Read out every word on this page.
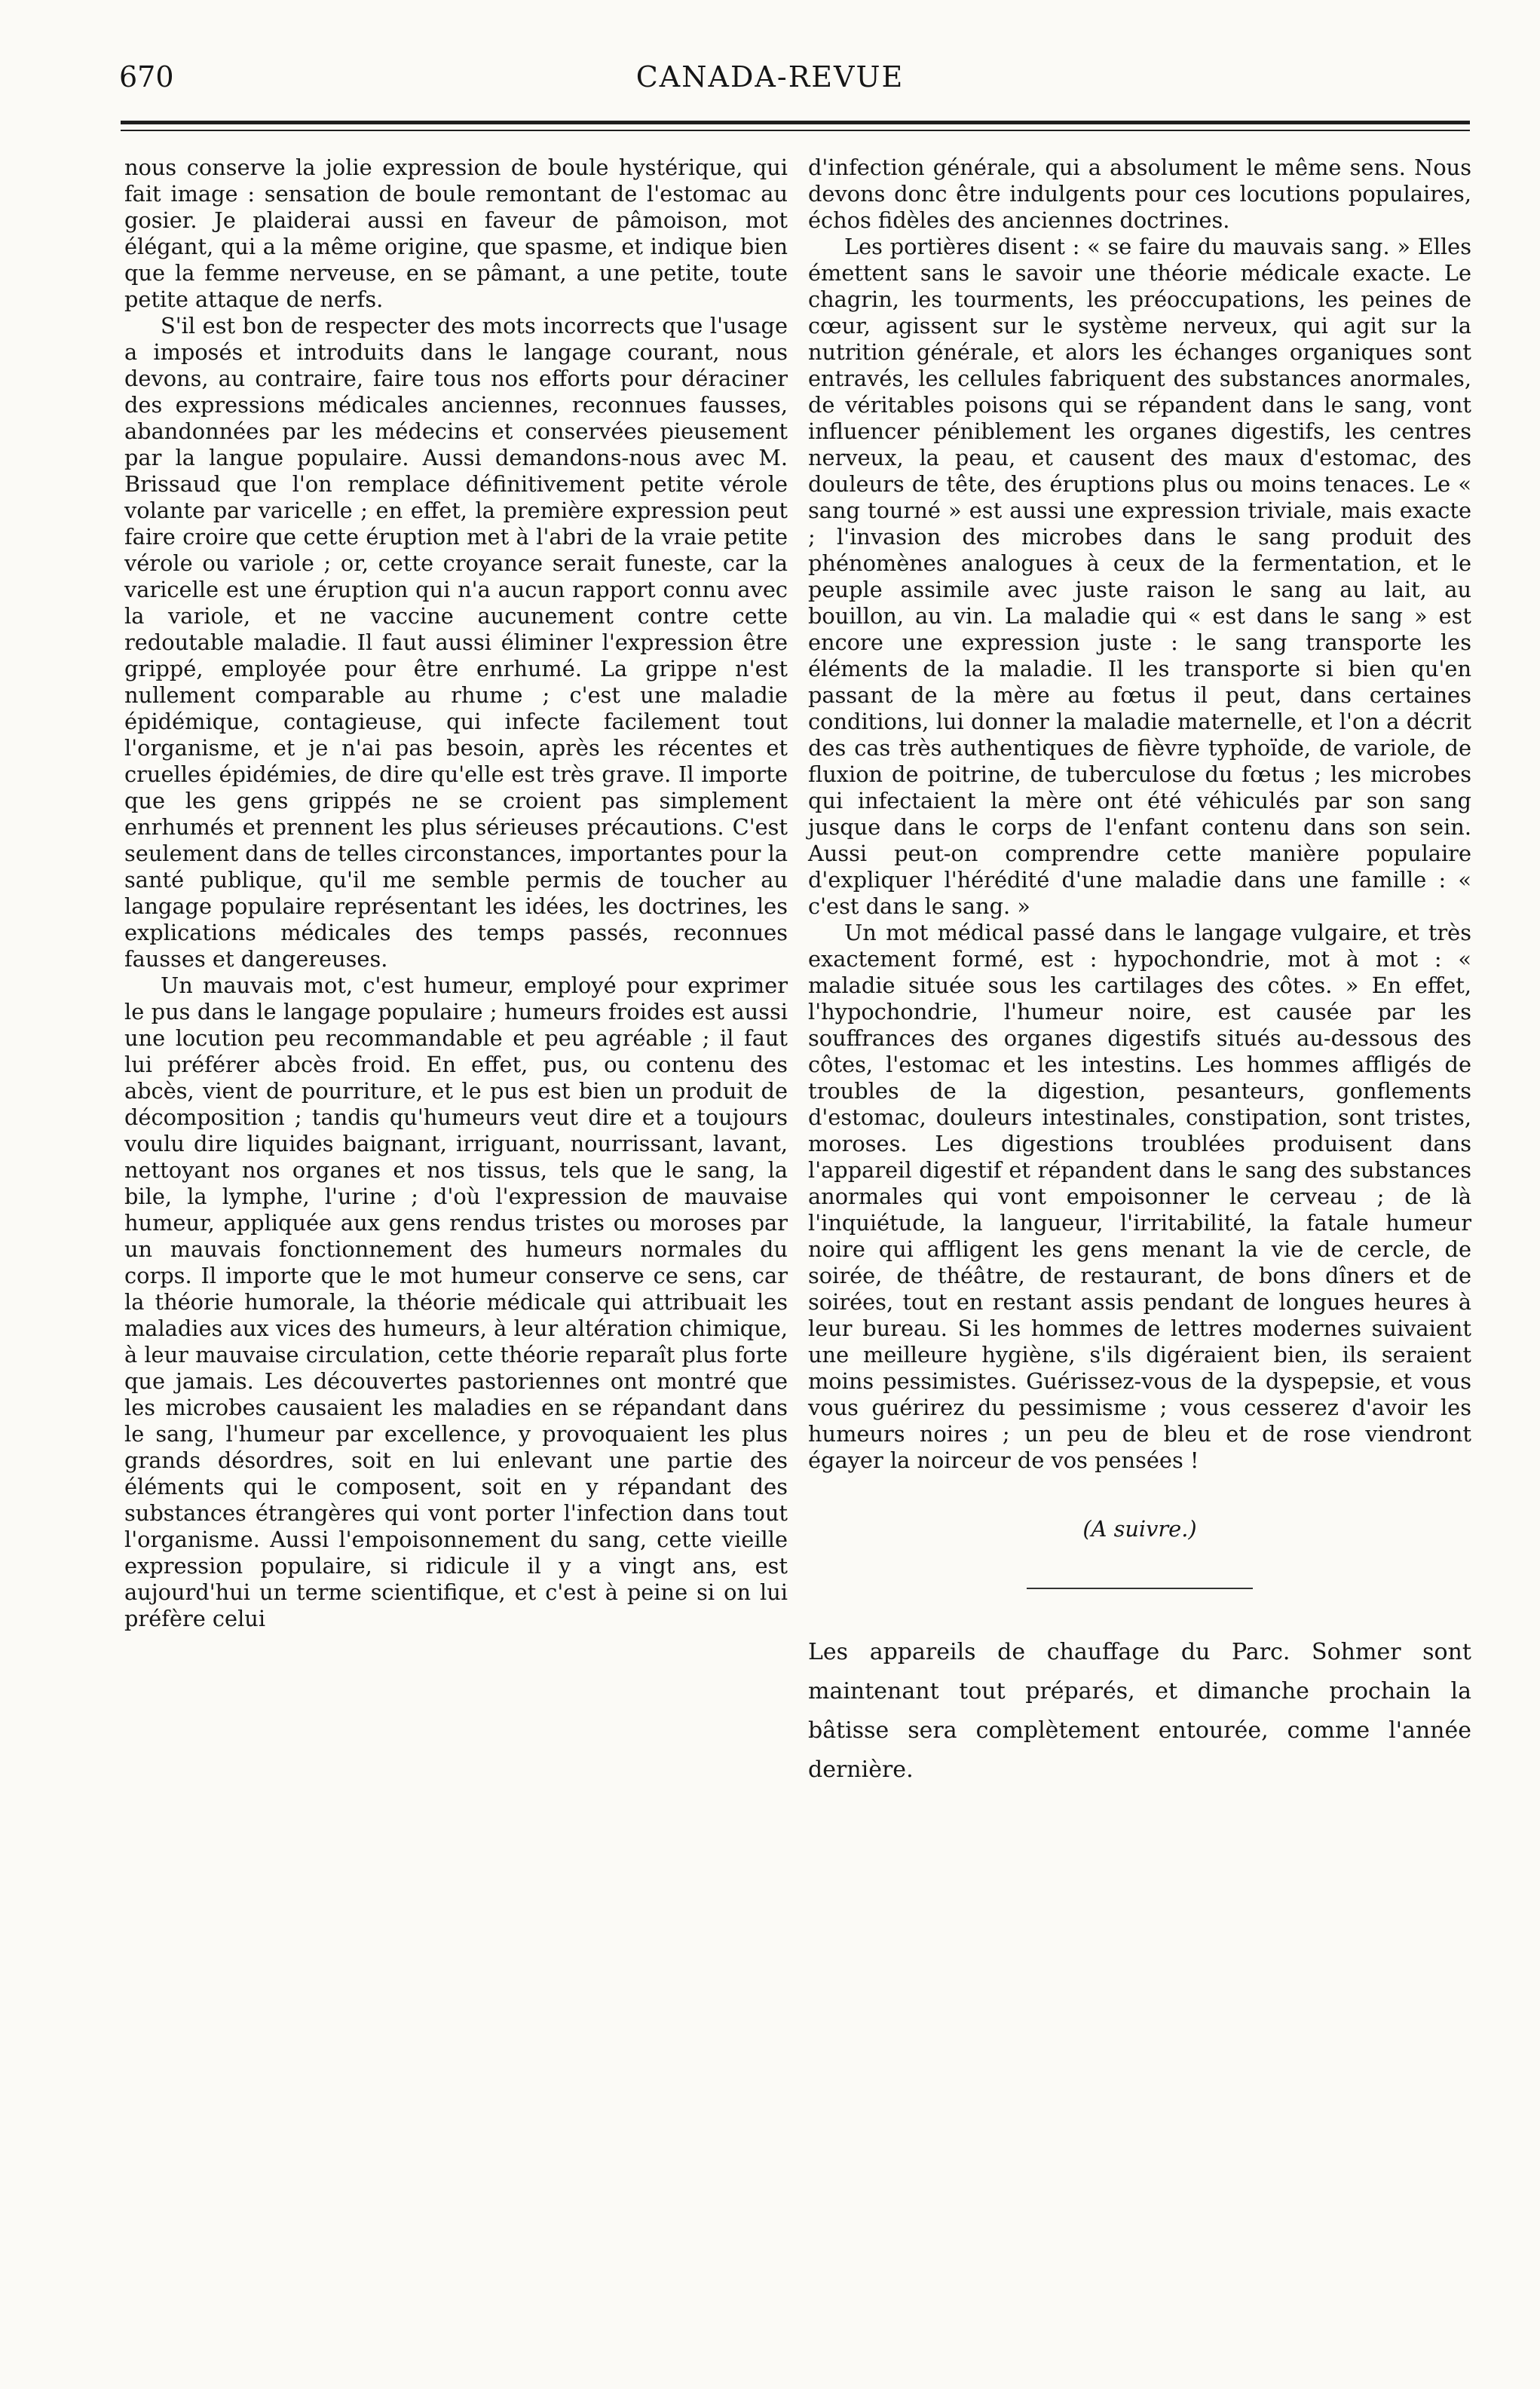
670	CANADA-REVUE

nous conserve la jolie expression de boule hystérique, qui fait image : sensation de boule remontant de l'estomac au gosier. Je plaiderai aussi en faveur de pâmoison, mot élégant, qui a la même origine, que spasme, et indique bien que la femme nerveuse, en se pâmant, a une petite, toute petite attaque de nerfs.

S'il est bon de respecter des mots incorrects que l'usage a imposés et introduits dans le langage courant, nous devons, au contraire, faire tous nos efforts pour déraciner des expressions médicales anciennes, reconnues fausses, abandonnées par les médecins et conservées pieusement par la langue populaire. Aussi demandons-nous avec M. Brissaud que l'on remplace définitivement petite vérole volante par varicelle ; en effet, la première expression peut faire croire que cette éruption met à l'abri de la vraie petite vérole ou variole ; or, cette croyance serait funeste, car la varicelle est une éruption qui n'a aucun rapport connu avec la variole, et ne vaccine aucunement contre cette redoutable maladie. Il faut aussi éliminer l'expression être grippé, employée pour être enrhumé. La grippe n'est nullement comparable au rhume ; c'est une maladie épidémique, contagieuse, qui infecte facilement tout l'organisme, et je n'ai pas besoin, après les récentes et cruelles épidémies, de dire qu'elle est très grave. Il importe que les gens grippés ne se croient pas simplement enrhumés et prennent les plus sérieuses précautions. C'est seulement dans de telles circonstances, importantes pour la santé publique, qu'il me semble permis de toucher au langage populaire représentant les idées, les doctrines, les explications médicales des temps passés, reconnues fausses et dangereuses.

Un mauvais mot, c'est humeur, employé pour exprimer le pus dans le langage populaire ; humeurs froides est aussi une locution peu recommandable et peu agréable ; il faut lui préférer abcès froid. En effet, pus, ou contenu des abcès, vient de pourriture, et le pus est bien un produit de décomposition ; tandis qu'humeurs veut dire et a toujours voulu dire liquides baignant, irriguant, nourrissant, lavant, nettoyant nos organes et nos tissus, tels que le sang, la bile, la lymphe, l'urine ; d'où l'expression de mauvaise humeur, appliquée aux gens rendus tristes ou moroses par un mauvais fonctionnement des humeurs normales du corps. Il importe que le mot humeur conserve ce sens, car la théorie humorale, la théorie médicale qui attribuait les maladies aux vices des humeurs, à leur altération chimique, à leur mauvaise circulation, cette théorie reparaît plus forte que jamais. Les découvertes pastoriennes ont montré que les microbes causaient les maladies en se répandant dans le sang, l'humeur par excellence, y provoquaient les plus grands désordres, soit en lui enlevant une partie des éléments qui le composent, soit en y répandant des substances étrangères qui vont porter l'infection dans tout l'organisme. Aussi l'empoisonnement du sang, cette vieille expression populaire, si ridicule il y a vingt ans, est aujourd'hui un terme scientifique, et c'est à peine si on lui préfère celui

d'infection générale, qui a absolument le même sens. Nous devons donc être indulgents pour ces locutions populaires, échos fidèles des anciennes doctrines.

Les portières disent : « se faire du mauvais sang. » Elles émettent sans le savoir une théorie médicale exacte. Le chagrin, les tourments, les préoccupations, les peines de cœur, agissent sur le système nerveux, qui agit sur la nutrition générale, et alors les échanges organiques sont entravés, les cellules fabriquent des substances anormales, de véritables poisons qui se répandent dans le sang, vont influencer péniblement les organes digestifs, les centres nerveux, la peau, et causent des maux d'estomac, des douleurs de tête, des éruptions plus ou moins tenaces. Le « sang tourné » est aussi une expression triviale, mais exacte ; l'invasion des microbes dans le sang produit des phénomènes analogues à ceux de la fermentation, et le peuple assimile avec juste raison le sang au lait, au bouillon, au vin. La maladie qui « est dans le sang » est encore une expression juste : le sang transporte les éléments de la maladie. Il les transporte si bien qu'en passant de la mère au fœtus il peut, dans certaines conditions, lui donner la maladie maternelle, et l'on a décrit des cas très authentiques de fièvre typhoïde, de variole, de fluxion de poitrine, de tuberculose du fœtus ; les microbes qui infectaient la mère ont été véhiculés par son sang jusque dans le corps de l'enfant contenu dans son sein. Aussi peut-on comprendre cette manière populaire d'expliquer l'hérédité d'une maladie dans une famille : « c'est dans le sang. »

Un mot médical passé dans le langage vulgaire, et très exactement formé, est : hypochondrie, mot à mot : « maladie située sous les cartilages des côtes. » En effet, l'hypochondrie, l'humeur noire, est causée par les souffrances des organes digestifs situés au-dessous des côtes, l'estomac et les intestins. Les hommes affligés de troubles de la digestion, pesanteurs, gonflements d'estomac, douleurs intestinales, constipation, sont tristes, moroses. Les digestions troublées produisent dans l'appareil digestif et répandent dans le sang des substances anormales qui vont empoisonner le cerveau ; de là l'inquiétude, la langueur, l'irritabilité, la fatale humeur noire qui affligent les gens menant la vie de cercle, de soirée, de théâtre, de restaurant, de bons dîners et de soirées, tout en restant assis pendant de longues heures à leur bureau. Si les hommes de lettres modernes suivaient une meilleure hygiène, s'ils digéraient bien, ils seraient moins pessimistes. Guérissez-vous de la dyspepsie, et vous vous guérirez du pessimisme ; vous cesserez d'avoir les humeurs noires ; un peu de bleu et de rose viendront égayer la noirceur de vos pensées !

(A suivre.)

Les appareils de chauffage du Parc. Sohmer sont maintenant tout préparés, et dimanche prochain la bâtisse sera complètement entourée, comme l'année dernière.
